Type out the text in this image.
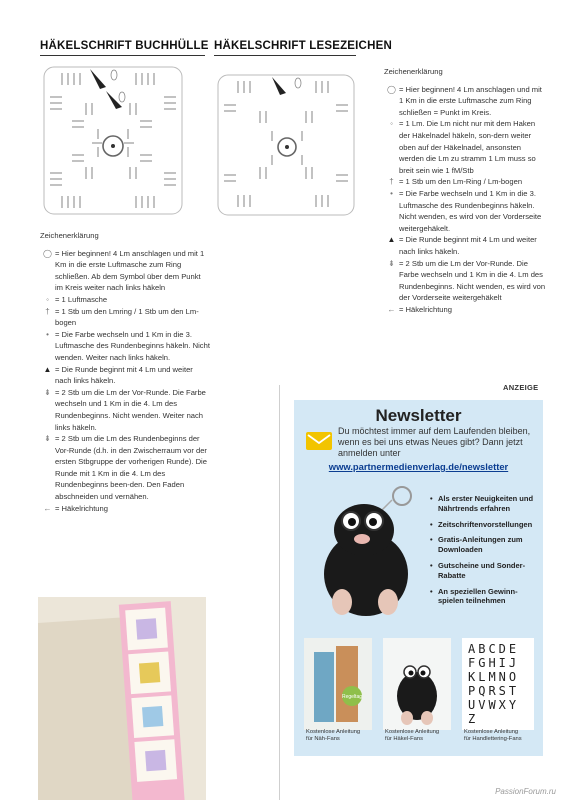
HÄKELSCHRIFT BUCHHÜLLE HÄKELSCHRIFT LESEZEICHEN
Zeichenerklärung
◯ = Hier beginnen! 4 Lm anschlagen und mit 1 Km in die erste Luftmasche zum Ring schließen. Ab dem Symbol über dem Punkt im Kreis weiter nach links häkeln
◦ = 1 Luftmasche
† = 1 Stb um den Lmring / 1 Stb um den Lm-bogen
• = Die Farbe wechseln und 1 Km in die 3. Luftmasche des Rundenbeginns häkeln. Nicht wenden. Weiter nach links häkeln.
▲ = Die Runde beginnt mit 4 Lm und weiter nach links häkeln.
⇟ = 2 Stb um die Lm der Vor-Runde. Die Farbe wechseln und 1 Km in die 4. Lm des Rundenbeginns. Nicht wenden. Weiter nach links häkeln.
⇟ = 2 Stb um die Lm des Rundenbeginns der Vor-Runde (d.h. in den Zwischerraum vor der ersten Stbgruppe der vorherigen Runde). Die Runde mit 1 Km in die 4. Lm des Rundenbeginns been-den. Den Faden abschneiden und vernähen.
← = Häkelrichtung
Zeichenerklärung
◯ = Hier beginnen! 4 Lm anschlagen und mit 1 Km in die erste Luftmasche zum Ring schließen = Punkt im Kreis.
◦ = 1 Lm. Die Lm nicht nur mit dem Haken der Häkelnadel häkeln, son-dern weiter oben auf der Häkelnadel, ansonsten werden die Lm zu stramm 1 Lm muss so breit sein wie 1 fM/Stb
† = 1 Stb um den Lm-Ring / Lm-bogen
• = Die Farbe wechseln und 1 Km in die 3. Luftmasche des Rundenbeginns häkeln. Nicht wenden, es wird von der Vorderseite weitergehäkelt.
▲ = Die Runde beginnt mit 4 Lm und weiter nach links häkeln.
⇟ = 2 Stb um die Lm der Vor-Runde. Die Farbe wechseln und 1 Km in die 4. Lm des Rundenbeginns. Nicht wenden, es wird von der Vorderseite weitergehäkelt
← = Häkelrichtung
ANZEIGE
Newsletter
Du möchtest immer auf dem Laufenden bleiben, wenn es bei uns etwas Neues gibt? Dann jetzt anmelden unter
www.partnermedienverlag.de/newsletter
• Als erster Neuigkeiten und Nährtrends erfahren
• Zeitschriftenvorstellungen
• Gratis-Anleitungen zum Downloaden
• Gutscheine und Sonder-Rabatte
• An speziellen Gewinn-spielen teilnehmen
Regeltag
Kostenlose Anleitung
für Näh-Fans
Kostenlose Anleitung
für Häkel-Fans
ABCDE FGHIJ KLMNO PQRST UVWXYZ
Kostenlose Anleitung
für Handlettering-Fans
PassionForum.ru
